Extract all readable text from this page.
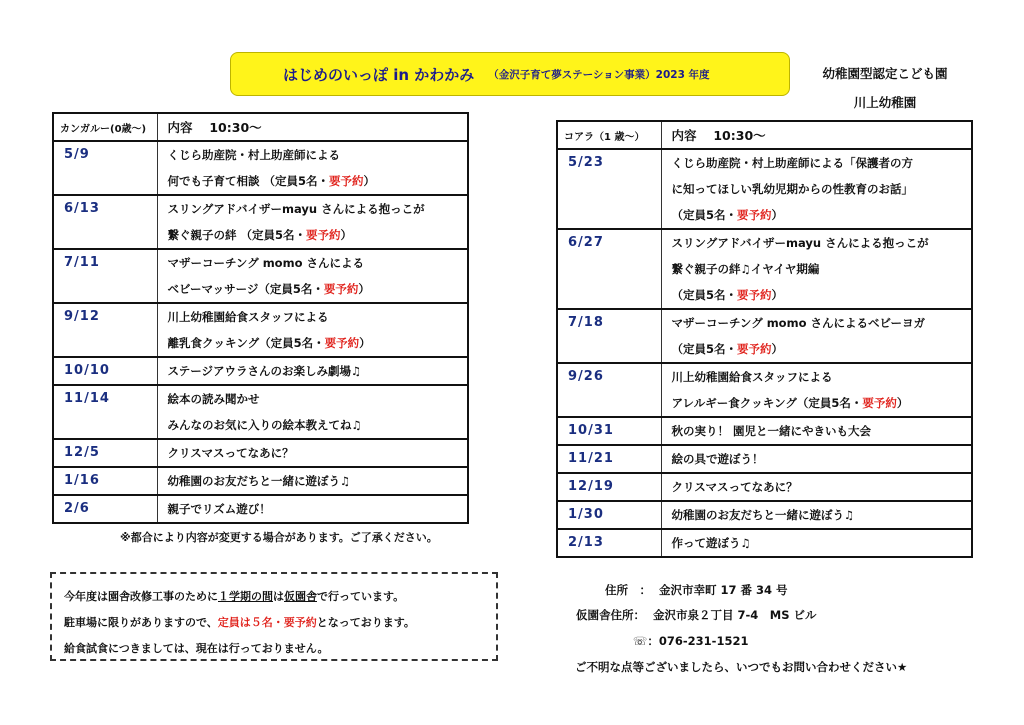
はじめのいっぽ in かわかみ （金沢子育て夢ステーション事業）2023 年度	幼稚園型認定こども園
川上幼稚園
カンガルー(0歳～)	内容　 10:30～
5/9	くじら助産院・村上助産師による
何でも子育て相談 （定員5名・要予約）

6/13	スリングアドバイザーmayu さんによる抱っこが
繋ぐ親子の絆 （定員5名・要予約）

7/11	マザーコーチング momo さんによる
ベビーマッサージ（定員5名・要予約）

9/12	川上幼稚園給食スタッフによる
離乳食クッキング（定員5名・要予約）

10/10	ステージアウラさんのお楽しみ劇場♫

11/14	絵本の読み聞かせ
みんなのお気に入りの絵本教えてね♫

12/5	クリスマスってなあに？

1/16	幼稚園のお友だちと一緒に遊ぼう♫

2/6	親子でリズム遊び！
コアラ（1 歳～）	内容　 10:30～
5/23	くじら助産院・村上助産師による「保護者の方
に知ってほしい乳幼児期からの性教育のお話」
（定員5名・要予約）

6/27	スリングアドバイザーmayu さんによる抱っこが
繋ぐ親子の絆♫イヤイヤ期編
（定員5名・要予約）

7/18	マザーコーチング momo さんによるベビーヨガ
（定員5名・要予約）

9/26	川上幼稚園給食スタッフによる
アレルギー食クッキング（定員5名・要予約）

10/31	秋の実り！ 園児と一緒にやきいも大会

11/21	絵の具で遊ぼう！

12/19	クリスマスってなあに？

1/30	幼稚園のお友だちと一緒に遊ぼう♫

2/13	作って遊ぼう♫
※都合により内容が変更する場合があります。ご了承ください。
今年度は園舎改修工事のために１学期の間は仮園舎で行っています。
駐車場に限りがありますので、定員は５名・要予約となっております。
給食試食につきましては、現在は行っておりません。
住所　： 金沢市幸町 17 番 34 号
仮園舎住所： 金沢市泉２丁目 7-4　MS ビル
☏：076-231-1521
ご不明な点等ございましたら、いつでもお問い合わせください★
